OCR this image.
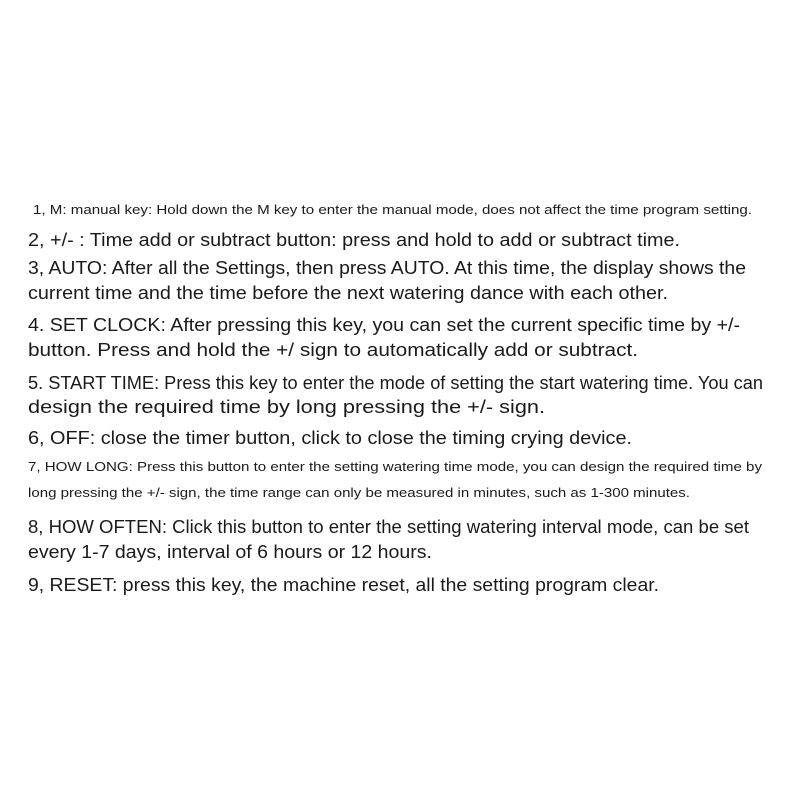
1, M: manual key: Hold down the M key to enter the manual mode, does not affect the time program setting.
2, +/- : Time add or subtract button: press and hold to add or subtract time.
3, AUTO: After all the Settings, then press AUTO. At this time, the display shows the
current time and the time before the next watering dance with each other.
4. SET CLOCK: After pressing this key, you can set the current specific time by +/-
button. Press and hold the +/ sign to automatically add or subtract.
5. START TIME: Press this key to enter the mode of setting the start watering time. You can
design the required time by long pressing the +/- sign.
6, OFF: close the timer button, click to close the timing crying device.
7, HOW LONG: Press this button to enter the setting watering time mode, you can design the required time by
long pressing the +/- sign, the time range can only be measured in minutes, such as 1-300 minutes.
8, HOW OFTEN: Click this button to enter the setting watering interval mode, can be set
every 1-7 days, interval of 6 hours or 12 hours.
9, RESET: press this key, the machine reset, all the setting program clear.
